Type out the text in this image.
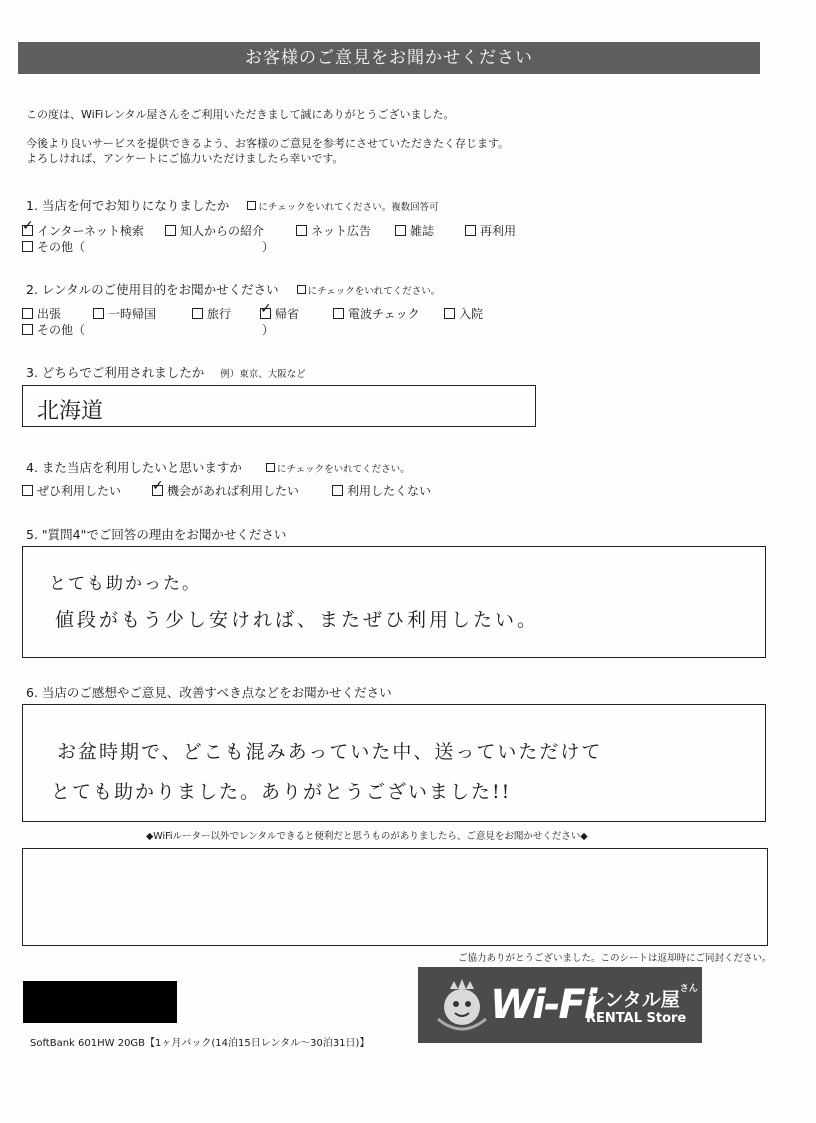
お客様のご意見をお聞かせください
この度は、WiFiレンタル屋さんをご利用いただきまして誠にありがとうございました。
今後より良いサービスを提供できるよう、お客様のご意見を参考にさせていただきたく存じます。
よろしければ、アンケートにご協力いただけましたら幸いです。
1. 当店を何でお知りになりましたか	にチェックをいれてください。複数回答可
✓
インターネット検索	知人からの紹介	ネット広告	雑誌	再利用
その他（	）
2. レンタルのご使用目的をお聞かせください	にチェックをいれてください。
出張	一時帰国	旅行 ✓	帰省	電波チェック	入院
その他（	）
3. どちらでご利用されましたか 例）東京、大阪など
北海道
4. また当店を利用したいと思いますか	にチェックをいれてください。
ぜひ利用したい ✓	機会があれば利用したい	利用したくない
5. "質問4"でご回答の理由をお聞かせください
とても助かった。
値段がもう少し安ければ、またぜひ利用したい。
6. 当店のご感想やご意見、改善すべき点などをお聞かせください
お盆時期で、どこも混みあっていた中、送っていただけて
とても助かりました。ありがとうございました!!
◆WiFiルーター以外でレンタルできると便利だと思うものがありましたら、ご意見をお聞かせください◆
ご協力ありがとうございました。このシートは返却時にご同封ください。
SoftBank 601HW 20GB【1ヶ月パック(14泊15日レンタル～30泊31日)】
Wi-Fi
レンタル屋さん
RENTAL Store
